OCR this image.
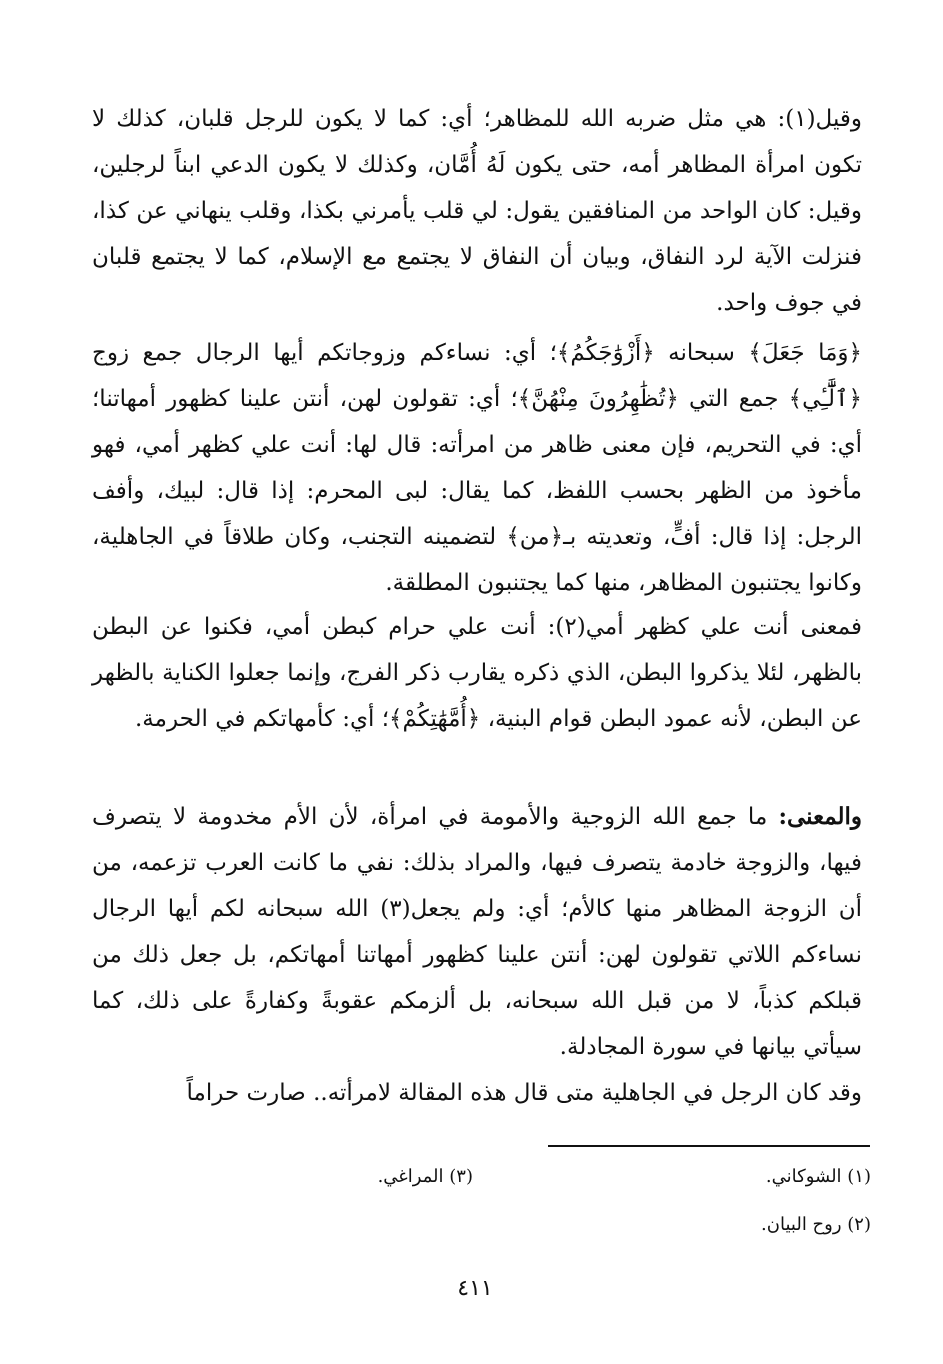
وقيل(١): هي مثل ضربه الله للمظاهر؛ أي: كما لا يكون للرجل قلبان، كذلك لا تكون امرأة المظاهر أمه، حتى يكون لَهُ أُمَّان، وكذلك لا يكون الدعي ابناً لرجلين، وقيل: كان الواحد من المنافقين يقول: لي قلب يأمرني بكذا، وقلب ينهاني عن كذا، فنزلت الآية لرد النفاق، وبيان أن النفاق لا يجتمع مع الإسلام، كما لا يجتمع قلبان في جوف واحد.

﴿وَمَا جَعَلَ﴾ سبحانه ﴿أَزْوَٰجَكُمُ﴾؛ أي: نساءكم وزوجاتكم أيها الرجال جمع زوج ﴿ٱلَّٰٓـِٔي﴾ جمع التي ﴿تُظَٰهِرُونَ مِنْهُنَّ﴾؛ أي: تقولون لهن، أنتن علينا كظهور أمهاتنا؛ أي: في التحريم، فإن معنى ظاهر من امرأته: قال لها: أنت علي كظهر أمي، فهو مأخوذ من الظهر بحسب اللفظ، كما يقال: لبى المحرم: إذا قال: لبيك، وأفف الرجل: إذا قال: أفٍّ، وتعديته بـ﴿من﴾ لتضمينه التجنب، وكان طلاقاً في الجاهلية، وكانوا يجتنبون المظاهر، منها كما يجتنبون المطلقة.

فمعنى أنت علي كظهر أمي(٢): أنت علي حرام كبطن أمي، فكنوا عن البطن بالظهر، لئلا يذكروا البطن، الذي ذكره يقارب ذكر الفرج، وإنما جعلوا الكناية بالظهر عن البطن، لأنه عمود البطن قوام البنية، ﴿أُمَّهَٰتِكُمْ﴾؛ أي: كأمهاتكم في الحرمة.

والمعنى: ما جمع الله الزوجية والأمومة في امرأة، لأن الأم مخدومة لا يتصرف فيها، والزوجة خادمة يتصرف فيها، والمراد بذلك: نفي ما كانت العرب تزعمه، من أن الزوجة المظاهر منها كالأم؛ أي: ولم يجعل(٣) الله سبحانه لكم أيها الرجال نساءكم اللاتي تقولون لهن: أنتن علينا كظهور أمهاتنا أمهاتكم، بل جعل ذلك من قبلكم كذباً، لا من قبل الله سبحانه، بل ألزمكم عقوبةً وكفارةً على ذلك، كما سيأتي بيانها في سورة المجادلة.

وقد كان الرجل في الجاهلية متى قال هذه المقالة لامرأته.. صارت حراماً

(١) الشوكاني.
(٣) المراغي.
(٢) روح البيان.
٤١١
